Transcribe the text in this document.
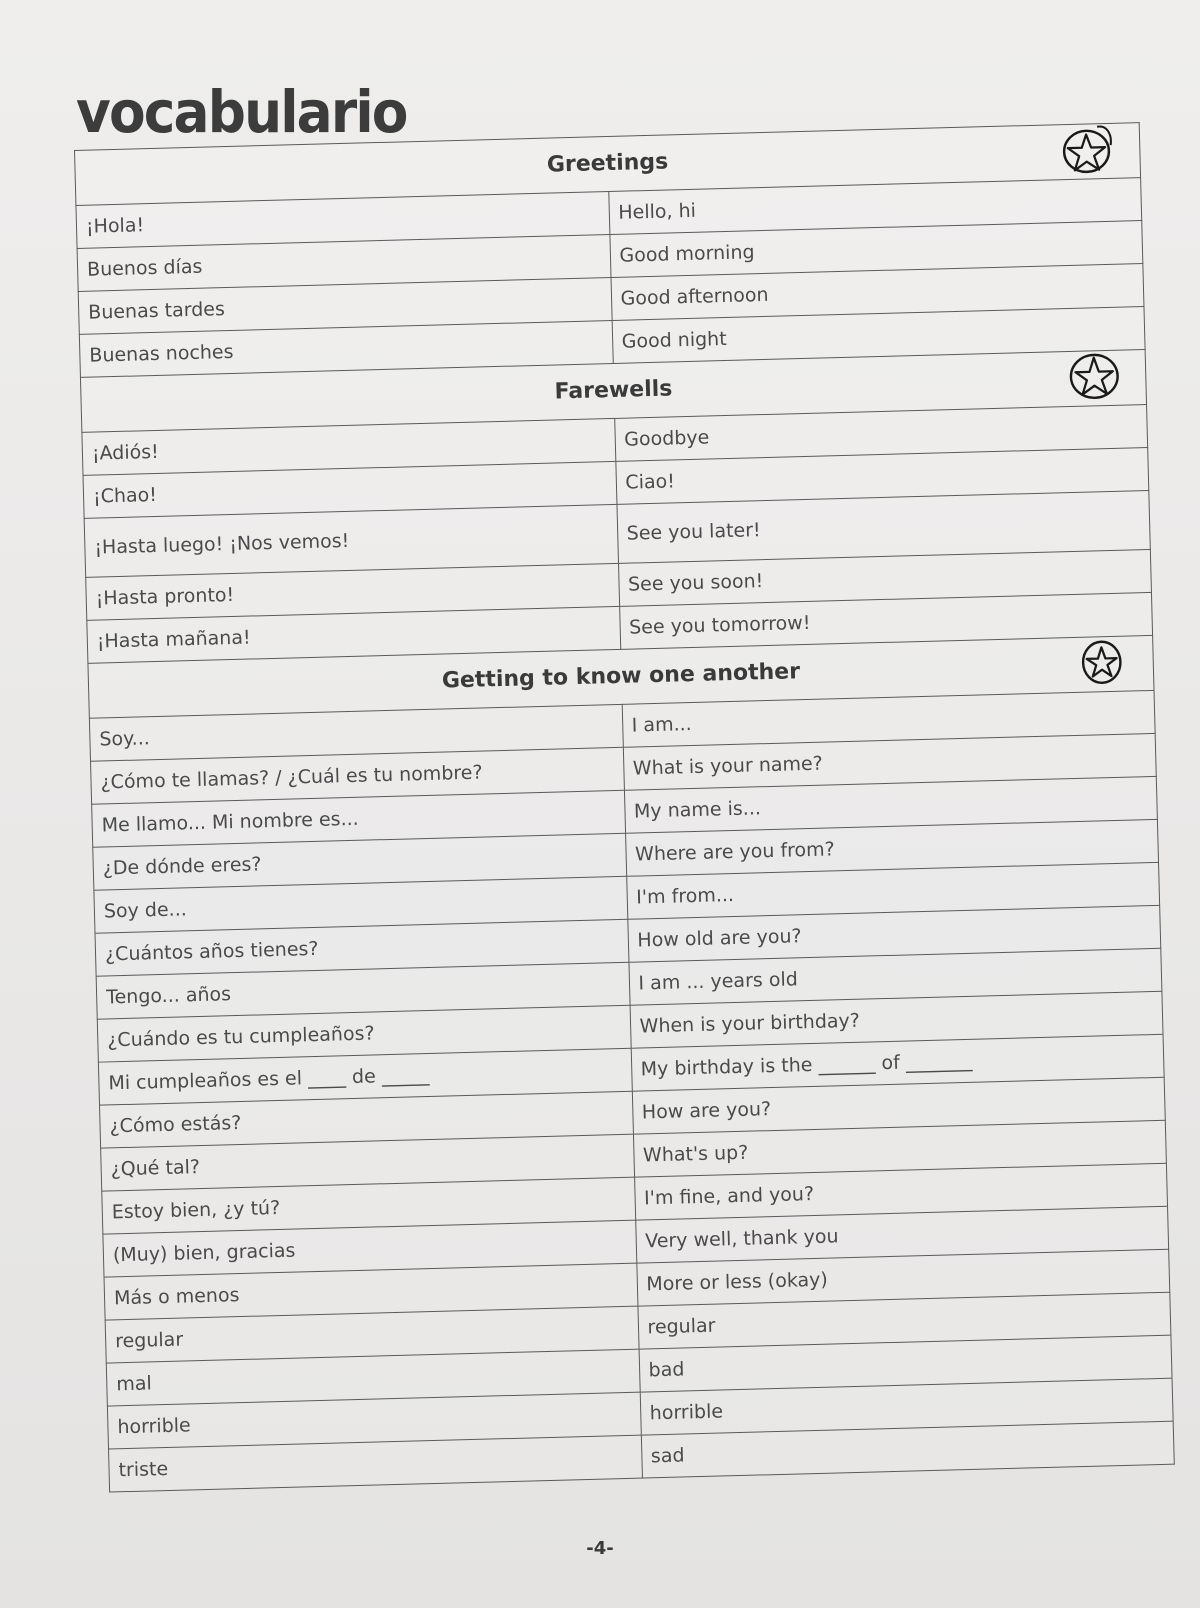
vocabulario
Greetings	

¡Hola!	Hello, hi
Buenos días	Good morning
Buenas tardes	Good afternoon
Buenas noches	Good night

Farewells	

¡Adiós!	Goodbye
¡Chao!	Ciao!
¡Hasta luego! ¡Nos vemos!	See you later!
¡Hasta pronto!	See you soon!
¡Hasta mañana!	See you tomorrow!

Getting to know one another	

Soy...	I am...
¿Cómo te llamas? / ¿Cuál es tu nombre?	What is your name?
Me llamo... Mi nombre es...	My name is...
¿De dónde eres?	Where are you from?
Soy de...	I'm from...
¿Cuántos años tienes?	How old are you?
Tengo... años	I am ... years old
¿Cuándo es tu cumpleaños?	When is your birthday?
Mi cumpleaños es el ____ de _____	My birthday is the ______ of _______
¿Cómo estás?	How are you?
¿Qué tal?	What's up?
Estoy bien, ¿y tú?	I'm fine, and you?
(Muy) bien, gracias	Very well, thank you
Más o menos	More or less (okay)
regular	regular
mal	bad
horrible	horrible
triste	sad
-4-
